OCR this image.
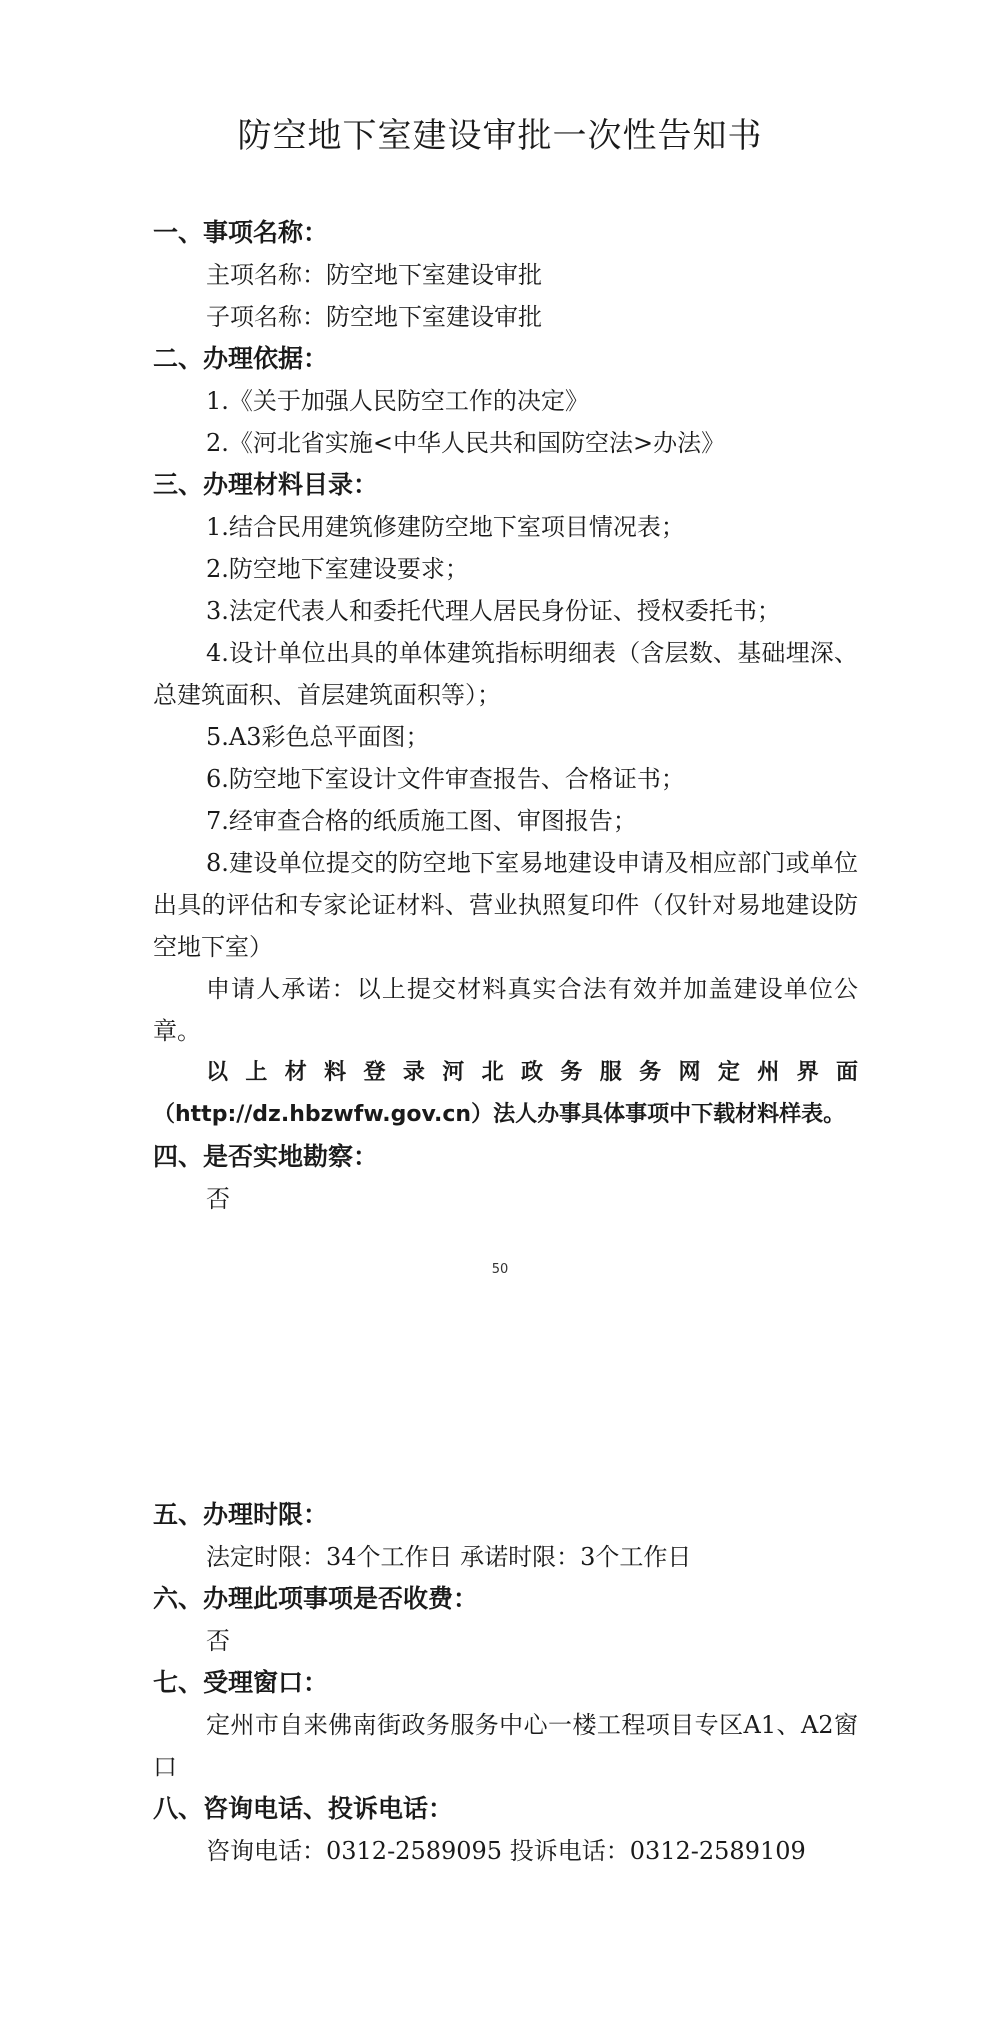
防空地下室建设审批一次性告知书
一、事项名称：
主项名称：防空地下室建设审批
子项名称：防空地下室建设审批
二、办理依据：
1.《关于加强人民防空工作的决定》
2.《河北省实施<中华人民共和国防空法>办法》
三、办理材料目录：
1.结合民用建筑修建防空地下室项目情况表；
2.防空地下室建设要求；
3.法定代表人和委托代理人居民身份证、授权委托书；
4.设计单位出具的单体建筑指标明细表（含层数、基础埋深、总建筑面积、首层建筑面积等）；
5.A3彩色总平面图；
6.防空地下室设计文件审查报告、合格证书；
7.经审查合格的纸质施工图、审图报告；
8.建设单位提交的防空地下室易地建设申请及相应部门或单位出具的评估和专家论证材料、营业执照复印件（仅针对易地建设防空地下室）
申请人承诺：以上提交材料真实合法有效并加盖建设单位公章。
以上材料登录河北政务服务网定州界面（http://dz.hbzwfw.gov.cn）法人办事具体事项中下载材料样表。
四、是否实地勘察：
否
50
五、办理时限：
法定时限：34个工作日 承诺时限：3个工作日
六、办理此项事项是否收费：
否
七、受理窗口：
定州市自来佛南街政务服务中心一楼工程项目专区A1、A2窗口
八、咨询电话、投诉电话：
咨询电话：0312-2589095 投诉电话：0312-2589109
